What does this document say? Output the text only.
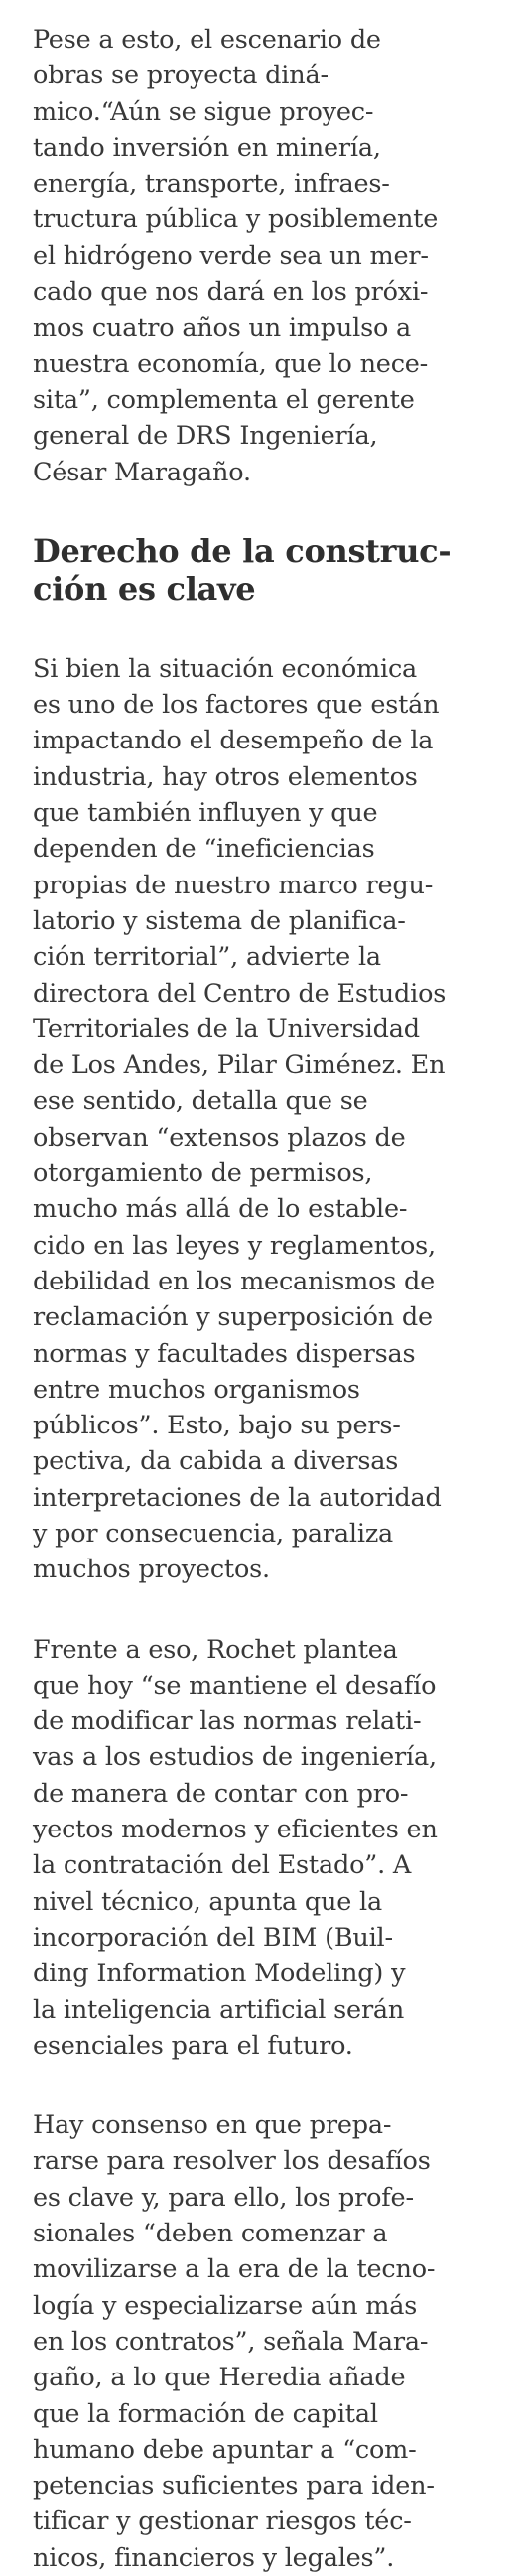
Pese a esto, el escenario de
obras se proyecta diná-
mico.“Aún se sigue proyec-
tando inversión en minería,
energía, transporte, infraes-
tructura pública y posiblemente
el hidrógeno verde sea un mer-
cado que nos dará en los próxi-
mos cuatro años un impulso a
nuestra economía, que lo nece-
sita”, complementa el gerente
general de DRS Ingeniería,
César Maragaño.

Derecho de la construc-
ción es clave

Si bien la situación económica
es uno de los factores que están
impactando el desempeño de la
industria, hay otros elementos
que también influyen y que
dependen de “ineficiencias
propias de nuestro marco regu-
latorio y sistema de planifica-
ción territorial”, advierte la
directora del Centro de Estudios
Territoriales de la Universidad
de Los Andes, Pilar Giménez. En
ese sentido, detalla que se
observan “extensos plazos de
otorgamiento de permisos,
mucho más allá de lo estable-
cido en las leyes y reglamentos,
debilidad en los mecanismos de
reclamación y superposición de
normas y facultades dispersas
entre muchos organismos
públicos”. Esto, bajo su pers-
pectiva, da cabida a diversas
interpretaciones de la autoridad
y por consecuencia, paraliza
muchos proyectos.

Frente a eso, Rochet plantea
que hoy “se mantiene el desafío
de modificar las normas relati-
vas a los estudios de ingeniería,
de manera de contar con pro-
yectos modernos y eficientes en
la contratación del Estado”. A
nivel técnico, apunta que la
incorporación del BIM (Buil-
ding Information Modeling) y
la inteligencia artificial serán
esenciales para el futuro.

Hay consenso en que prepa-
rarse para resolver los desafíos
es clave y, para ello, los profe-
sionales “deben comenzar a
movilizarse a la era de la tecno-
logía y especializarse aún más
en los contratos”, señala Mara-
gaño, a lo que Heredia añade
que la formación de capital
humano debe apuntar a “com-
petencias suficientes para iden-
tificar y gestionar riesgos téc-
nicos, financieros y legales”.
